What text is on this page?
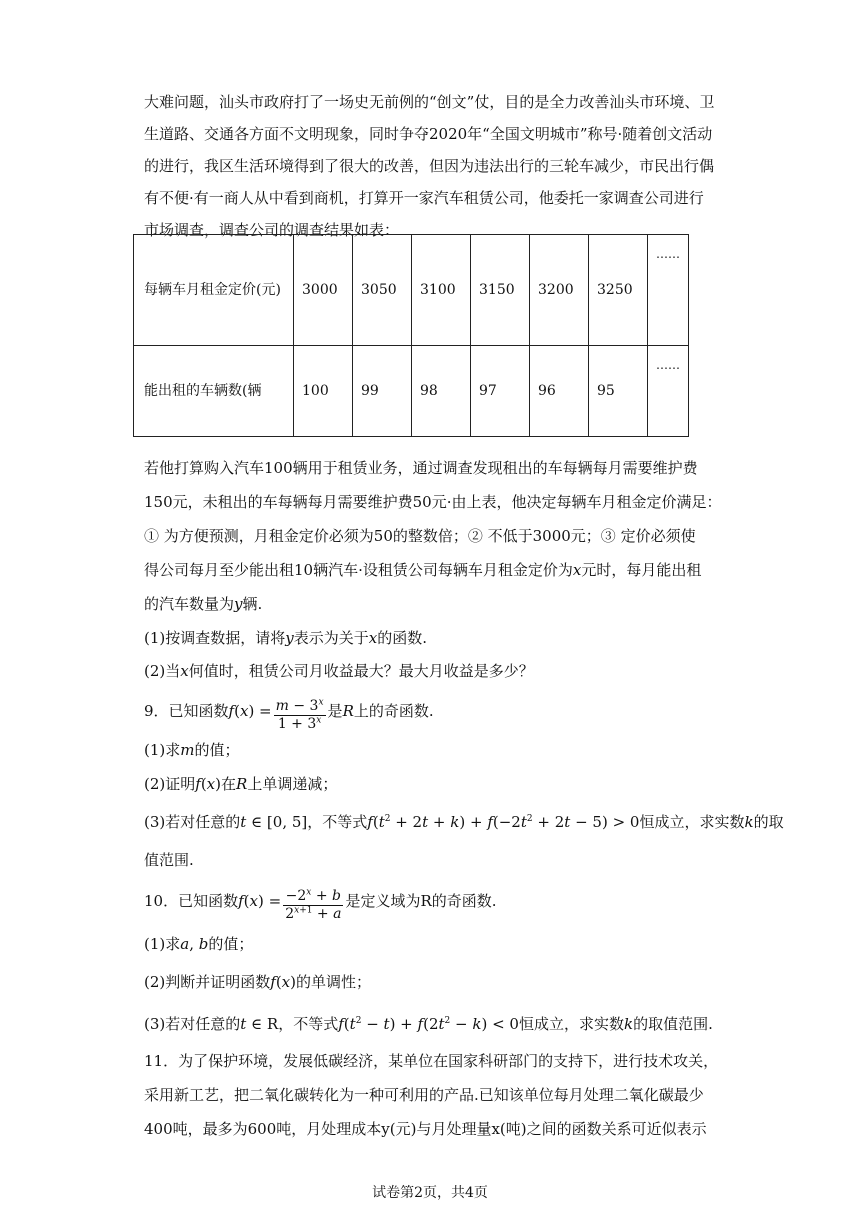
大难问题，汕头市政府打了一场史无前例的“创文”仗，目的是全力改善汕头市环境、卫
生道路、交通各方面不文明现象，同时争夺2020年“全国文明城市”称号·随着创文活动
的进行，我区生活环境得到了很大的改善，但因为违法出行的三轮车减少，市民出行偶
有不便·有一商人从中看到商机，打算开一家汽车租赁公司，他委托一家调查公司进行
市场调查，调查公司的调查结果如表：
每辆车月租金定价(元)	3000	3050	3100	3150	3200	3250	……
能出租的车辆数(辆	100	99	98	97	96	95	……
若他打算购入汽车100辆用于租赁业务，通过调查发现租出的车每辆每月需要维护费
150元，未租出的车每辆每月需要维护费50元·由上表，他决定每辆车月租金定价满足：
① 为方便预测，月租金定价必须为50的整数倍；② 不低于3000元；③ 定价必须使
得公司每月至少能出租10辆汽车·设租赁公司每辆车月租金定价为x元时，每月能出租
的汽车数量为y辆.
(1)按调查数据，请将y表示为关于x的函数.
(2)当x何值时，租赁公司月收益最大？最大月收益是多少？
9．已知函数$f(x) = \frac{m - 3^x}{1 + 3^x}$ 是R上的奇函数.
(1)求m的值；
(2)证明f(x)在R上单调递减；
(3)若对任意的t ∈ [0, 5]，不等式$f(t^2 + 2t + k) + f(-2t^2 + 2t - 5) > 0$恒成立，求实数k的取
值范围.
10．已知函数$f(x) = \frac{-2^x + b}{2^{x+1} + a}$ 是定义域为R的奇函数.
(1)求a, b的值；
(2)判断并证明函数f(x)的单调性；
(3)若对任意的t ∈ R，不等式$f(t^2 - t) + f(2t^2 - k) < 0$恒成立，求实数k的取值范围.
11．为了保护环境，发展低碳经济，某单位在国家科研部门的支持下，进行技术攻关，
采用新工艺，把二氧化碳转化为一种可利用的产品.已知该单位每月处理二氧化碳最少
400吨，最多为600吨，月处理成本y(元)与月处理量x(吨)之间的函数关系可近似表示
试卷第2页，共4页
